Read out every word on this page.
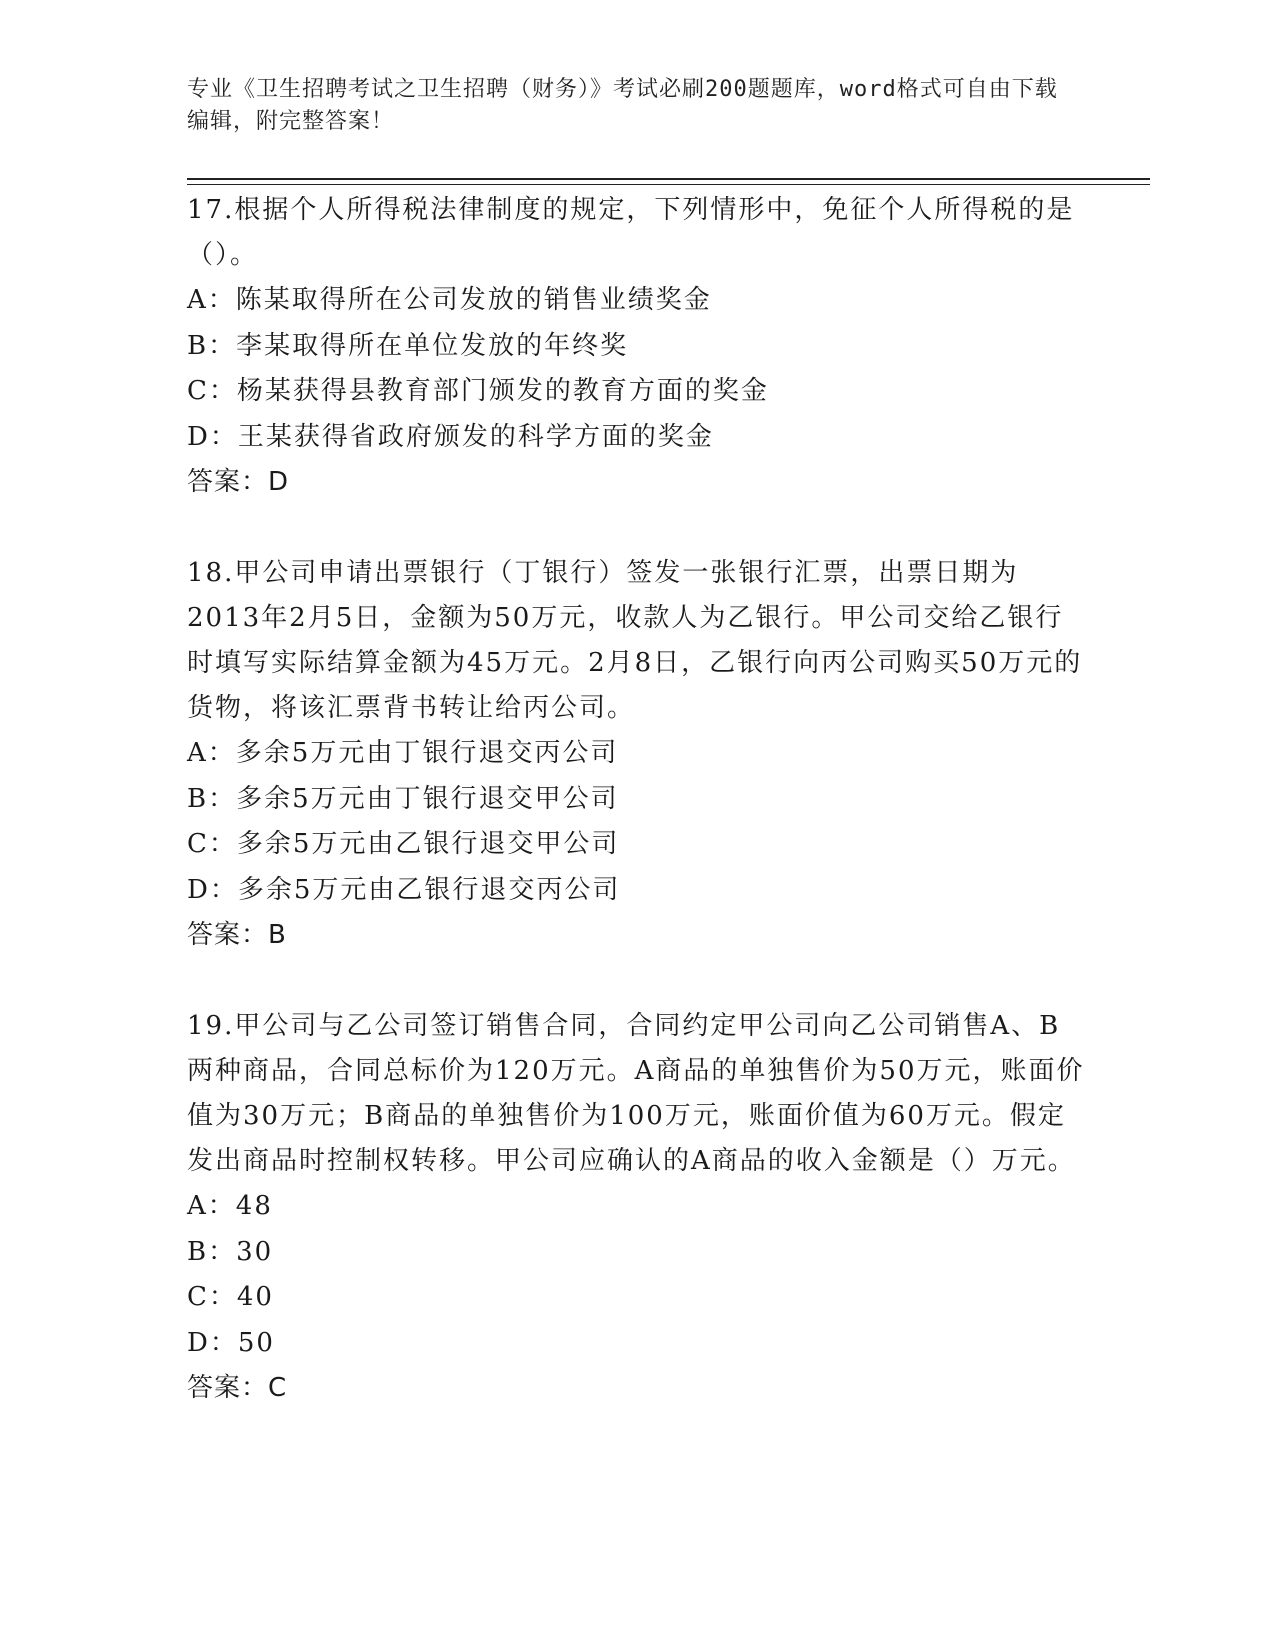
专业《卫生招聘考试之卫生招聘（财务）》考试必刷200题题库，word格式可自由下载编辑，附完整答案！
17.根据个人所得税法律制度的规定，下列情形中，免征个人所得税的是（）。
A：陈某取得所在公司发放的销售业绩奖金
B：李某取得所在单位发放的年终奖
C：杨某获得县教育部门颁发的教育方面的奖金
D：王某获得省政府颁发的科学方面的奖金
答案：D
18.甲公司申请出票银行（丁银行）签发一张银行汇票，出票日期为2013年2月5日，金额为50万元，收款人为乙银行。甲公司交给乙银行时填写实际结算金额为45万元。2月8日，乙银行向丙公司购买50万元的货物，将该汇票背书转让给丙公司。
A：多余5万元由丁银行退交丙公司
B：多余5万元由丁银行退交甲公司
C：多余5万元由乙银行退交甲公司
D：多余5万元由乙银行退交丙公司
答案：B
19.甲公司与乙公司签订销售合同，合同约定甲公司向乙公司销售A、B两种商品，合同总标价为120万元。A商品的单独售价为50万元，账面价值为30万元；B商品的单独售价为100万元，账面价值为60万元。假定发出商品时控制权转移。甲公司应确认的A商品的收入金额是（）万元。
A：48
B：30
C：40
D：50
答案：C
